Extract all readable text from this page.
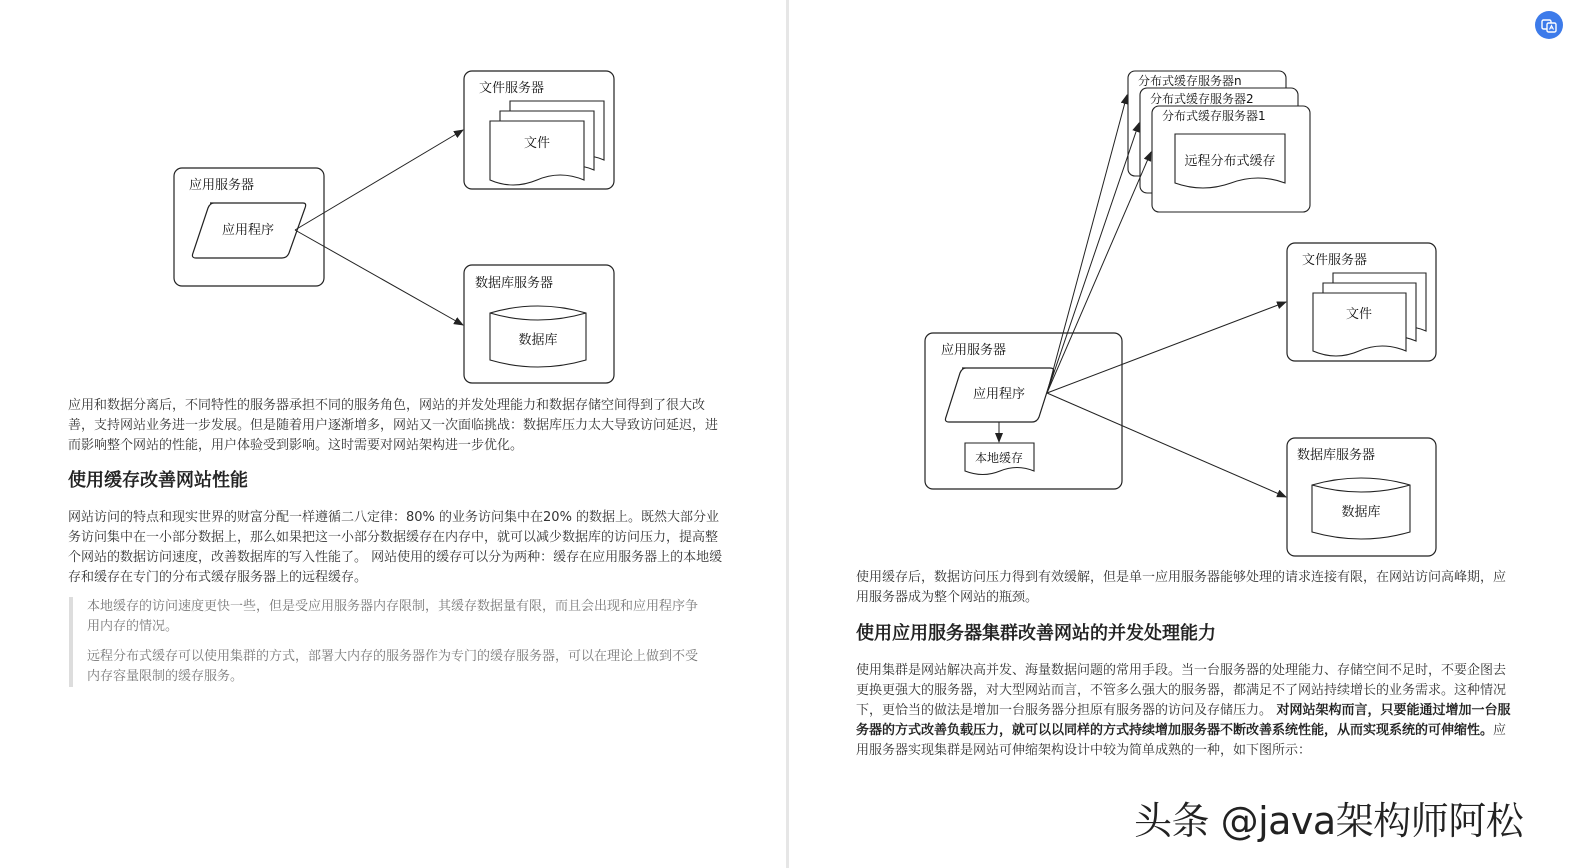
应用服务器
应用程序
文件服务器
文件
数据库服务器
数据库
应用和数据分离后，不同特性的服务器承担不同的服务角色，网站的并发处理能力和数据存储空间得到了很大改
善，支持网站业务进一步发展。但是随着用户逐渐增多，网站又一次面临挑战：数据库压力太大导致访问延迟，进
而影响整个网站的性能，用户体验受到影响。这时需要对网站架构进一步优化。
使用缓存改善网站性能
网站访问的特点和现实世界的财富分配一样遵循二八定律：80% 的业务访问集中在20% 的数据上。既然大部分业
务访问集中在一小部分数据上，那么如果把这一小部分数据缓存在内存中，就可以减少数据库的访问压力，提高整
个网站的数据访问速度，改善数据库的写入性能了。 网站使用的缓存可以分为两种：缓存在应用服务器上的本地缓
存和缓存在专门的分布式缓存服务器上的远程缓存。

本地缓存的访问速度更快一些，但是受应用服务器内存限制，其缓存数据量有限，而且会出现和应用程序争
用内存的情况。

远程分布式缓存可以使用集群的方式，部署大内存的服务器作为专门的缓存服务器，可以在理论上做到不受
内存容量限制的缓存服务。

分布式缓存服务器n
分布式缓存服务器2
分布式缓存服务器1
远程分布式缓存
应用服务器
应用程序
本地缓存
文件服务器
文件
数据库服务器
数据库
使用缓存后，数据访问压力得到有效缓解，但是单一应用服务器能够处理的请求连接有限，在网站访问高峰期，应
用服务器成为整个网站的瓶颈。
使用应用服务器集群改善网站的并发处理能力
使用集群是网站解决高并发、海量数据问题的常用手段。当一台服务器的处理能力、存储空间不足时，不要企图去
更换更强大的服务器，对大型网站而言，不管多么强大的服务器，都满足不了网站持续增长的业务需求。这种情况
下，更恰当的做法是增加一台服务器分担原有服务器的访问及存储压力。 对网站架构而言，只要能通过增加一台服
务器的方式改善负载压力，就可以以同样的方式持续增加服务器不断改善系统性能，从而实现系统的可伸缩性。应
用服务器实现集群是网站可伸缩架构设计中较为简单成熟的一种，如下图所示：
头条 @java架构师阿松
